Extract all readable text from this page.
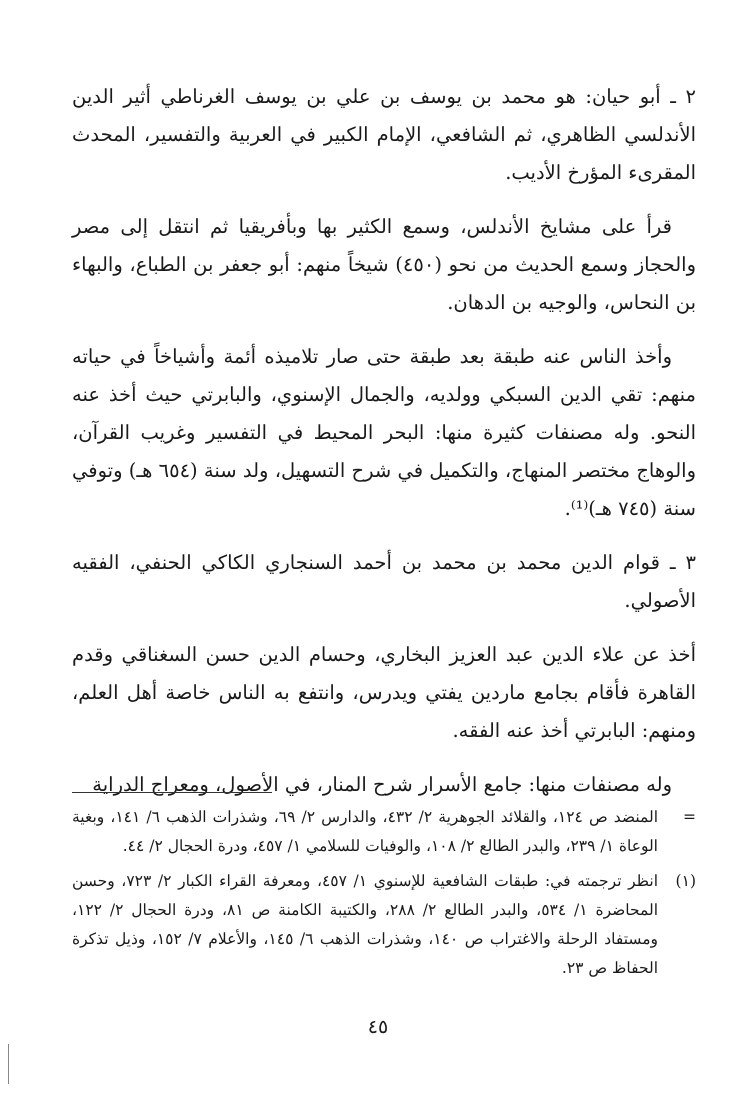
٢ ـ أبو حيان: هو محمد بن يوسف بن علي بن يوسف الغرناطي أثير الدين الأندلسي الظاهري، ثم الشافعي، الإمام الكبير في العربية والتفسير، المحدث المقرىء المؤرخ الأديب.

قرأ على مشايخ الأندلس، وسمع الكثير بها وبأفريقيا ثم انتقل إلى مصر والحجاز وسمع الحديث من نحو (٤٥٠) شيخاً منهم: أبو جعفر بن الطباع، والبهاء بن النحاس، والوجيه بن الدهان.

وأخذ الناس عنه طبقة بعد طبقة حتى صار تلاميذه أئمة وأشياخاً في حياته منهم: تقي الدين السبكي وولديه، والجمال الإسنوي، والبابرتي حيث أخذ عنه النحو. وله مصنفات كثيرة منها: البحر المحيط في التفسير وغريب القرآن، والوهاج مختصر المنهاج، والتكميل في شرح التسهيل، ولد سنة (٦٥٤ هـ) وتوفي سنة (٧٤٥ هـ)⁽¹⁾.

٣ ـ قوام الدين محمد بن محمد بن أحمد السنجاري الكاكي الحنفي، الفقيه الأصولي.

أخذ عن علاء الدين عبد العزيز البخاري، وحسام الدين حسن السغناقي وقدم القاهرة فأقام بجامع ماردين يفتي ويدرس، وانتفع به الناس خاصة أهل العلم، ومنهم: البابرتي أخذ عنه الفقه.

وله مصنفات منها: جامع الأسرار شرح المنار، في الأصول، ومعراج الدراية

=
المنضد ص ١٢٤، والقلائد الجوهرية ٢/ ٤٣٢، والدارس ٢/ ٦٩، وشذرات الذهب ٦/ ١٤١، وبغية الوعاة ١/ ٢٣٩، والبدر الطالع ٢/ ١٠٨، والوفيات للسلامي ١/ ٤٥٧، ودرة الحجال ٢/ ٤٤.
(١)
انظر ترجمته في: طبقات الشافعية للإسنوي ١/ ٤٥٧، ومعرفة القراء الكبار ٢/ ٧٢٣، وحسن المحاضرة ١/ ٥٣٤، والبدر الطالع ٢/ ٢٨٨، والكتيبة الكامنة ص ٨١، ودرة الحجال ٢/ ١٢٢، ومستفاد الرحلة والاغتراب ص ١٤٠، وشذرات الذهب ٦/ ١٤٥، والأعلام ٧/ ١٥٢، وذيل تذكرة الحفاظ ص ٢٣.
٤٥
